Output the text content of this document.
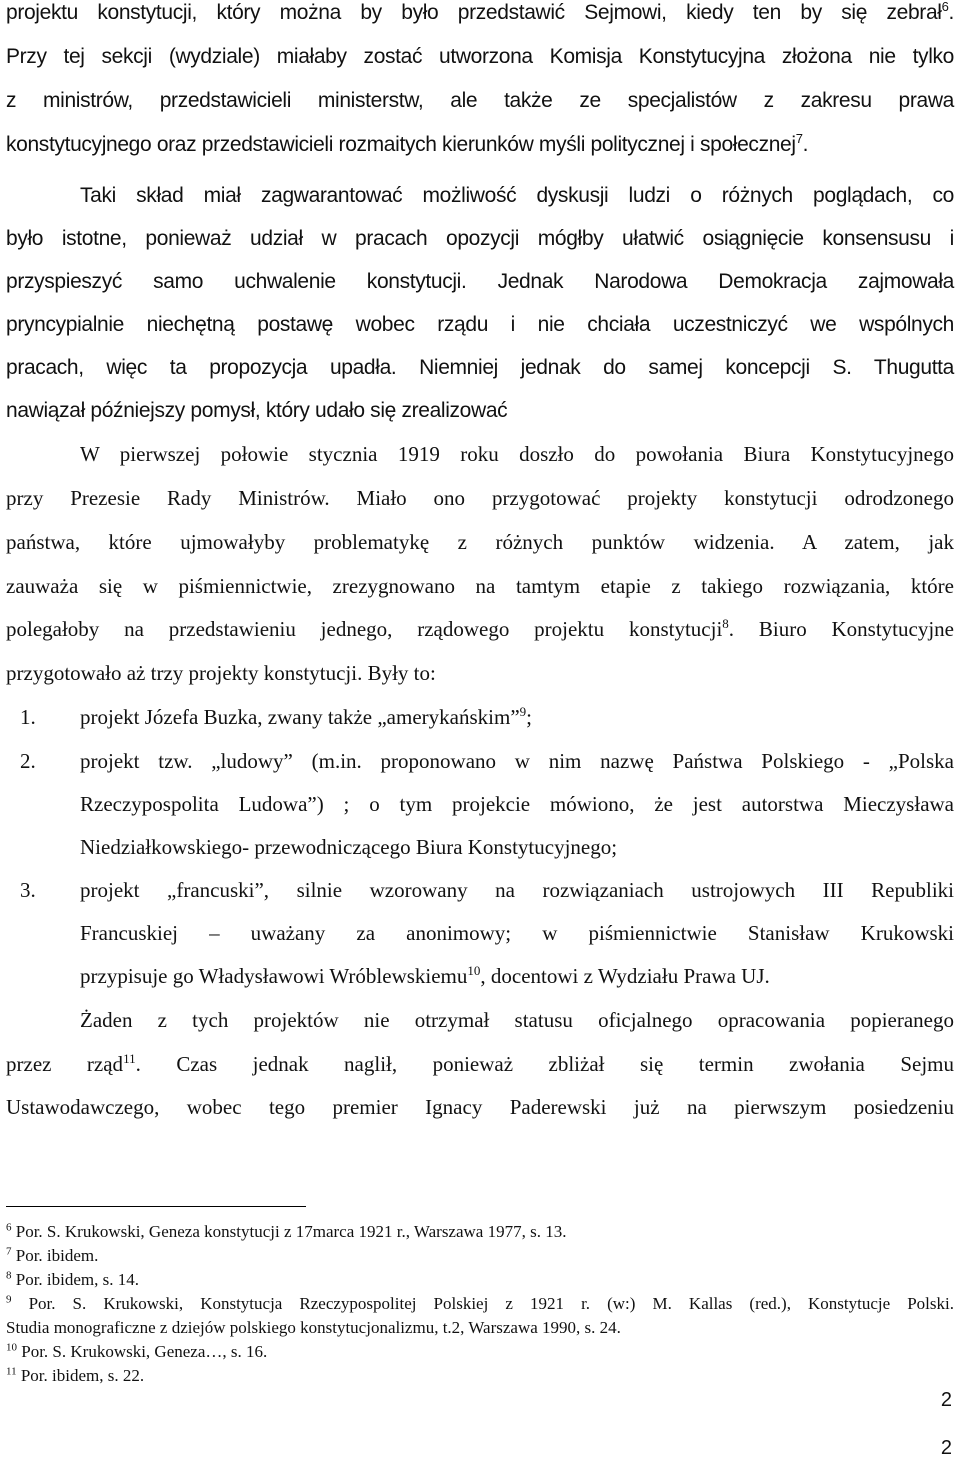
projektu konstytucji, który można by było przedstawić Sejmowi, kiedy ten by się zebrał$^6$.
Przy tej sekcji (wydziale) miałaby zostać utworzona Komisja Konstytucyjna złożona nie tylko
z ministrów, przedstawicieli ministerstw, ale także ze specjalistów z zakresu prawa
konstytucyjnego oraz przedstawicieli rozmaitych kierunków myśli politycznej i społecznej$^7$.
Taki skład miał zagwarantować możliwość dyskusji ludzi o różnych poglądach, co
było istotne, ponieważ udział w pracach opozycji mógłby ułatwić osiągnięcie konsensusu i
przyspieszyć samo uchwalenie konstytucji. Jednak Narodowa Demokracja zajmowała
pryncypialnie niechętną postawę wobec rządu i nie chciała uczestniczyć we wspólnych
pracach, więc ta propozycja upadła. Niemniej jednak do samej koncepcji S. Thugutta
nawiązał późniejszy pomysł, który udało się zrealizować
W pierwszej połowie stycznia 1919 roku doszło do powołania Biura Konstytucyjnego
przy Prezesie Rady Ministrów. Miało ono przygotować projekty konstytucji odrodzonego
państwa, które ujmowałyby problematykę z różnych punktów widzenia. A zatem, jak
zauważa się w piśmiennictwie, zrezygnowano na tamtym etapie z takiego rozwiązania, które
polegałoby na przedstawieniu jednego, rządowego projektu konstytucji$^8$. Biuro Konstytucyjne
przygotowało aż trzy projekty konstytucji. Były to:
1. projekt Józefa Buzka, zwany także „amerykańskim”$^9$;
2. projekt tzw. „ludowy” (m.in. proponowano w nim nazwę Państwa Polskiego - „Polska
Rzeczypospolita Ludowa”) ; o tym projekcie mówiono, że jest autorstwa Mieczysława
Niedziałkowskiego- przewodniczącego Biura Konstytucyjnego;
3. projekt „francuski”, silnie wzorowany na rozwiązaniach ustrojowych III Republiki
Francuskiej – uważany za anonimowy; w piśmiennictwie Stanisław Krukowski
przypisuje go Władysławowi Wróblewskiemu$^{10}$, docentowi z Wydziału Prawa UJ.
Żaden z tych projektów nie otrzymał statusu oficjalnego opracowania popieranego
przez rząd$^{11}$. Czas jednak naglił, ponieważ zbliżał się termin zwołania Sejmu
Ustawodawczego, wobec tego premier Ignacy Paderewski już na pierwszym posiedzeniu
$^6$ Por. S. Krukowski, Geneza konstytucji z 17marca 1921 r., Warszawa 1977, s. 13.
$^7$ Por. ibidem.
$^8$ Por. ibidem, s. 14.
$^9$ Por. S. Krukowski, Konstytucja Rzeczypospolitej Polskiej z 1921 r. (w:) M. Kallas (red.), Konstytucje Polski.
Studia monograficzne z dziejów polskiego konstytucjonalizmu, t.2, Warszawa 1990, s. 24.
$^{10}$ Por. S. Krukowski, Geneza…, s. 16.
$^{11}$ Por. ibidem, s. 22.
2
2
